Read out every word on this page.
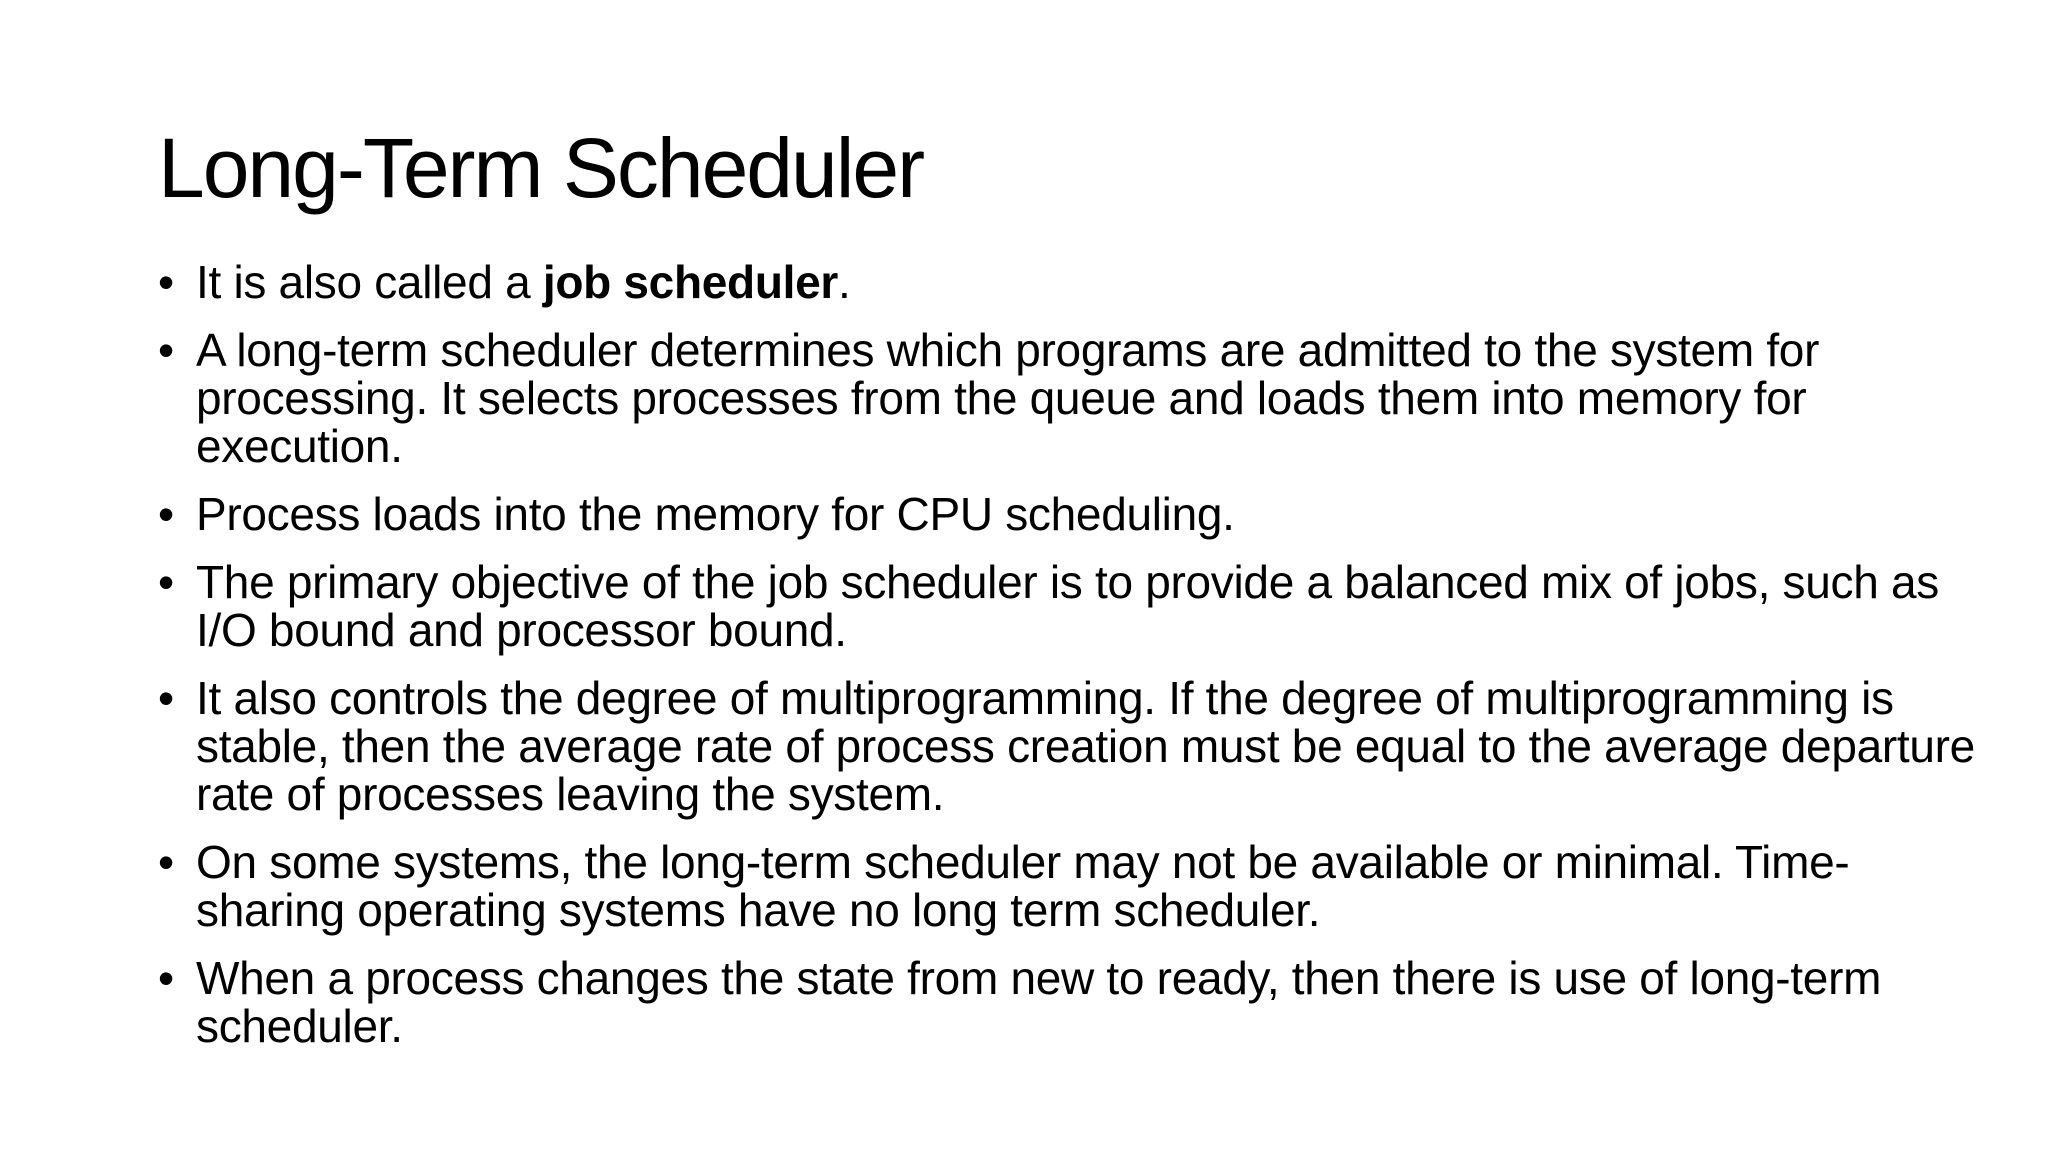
Long-Term Scheduler
• It is also called a job scheduler.
• A long-term scheduler determines which programs are admitted to the system for processing. It selects processes from the queue and loads them into memory for execution.
• Process loads into the memory for CPU scheduling.
• The primary objective of the job scheduler is to provide a balanced mix of jobs, such as I/O bound and processor bound.
• It also controls the degree of multiprogramming. If the degree of multiprogramming is stable, then the average rate of process creation must be equal to the average departure rate of processes leaving the system.
• On some systems, the long-term scheduler may not be available or minimal. Time-sharing operating systems have no long term scheduler.
• When a process changes the state from new to ready, then there is use of long-term scheduler.
